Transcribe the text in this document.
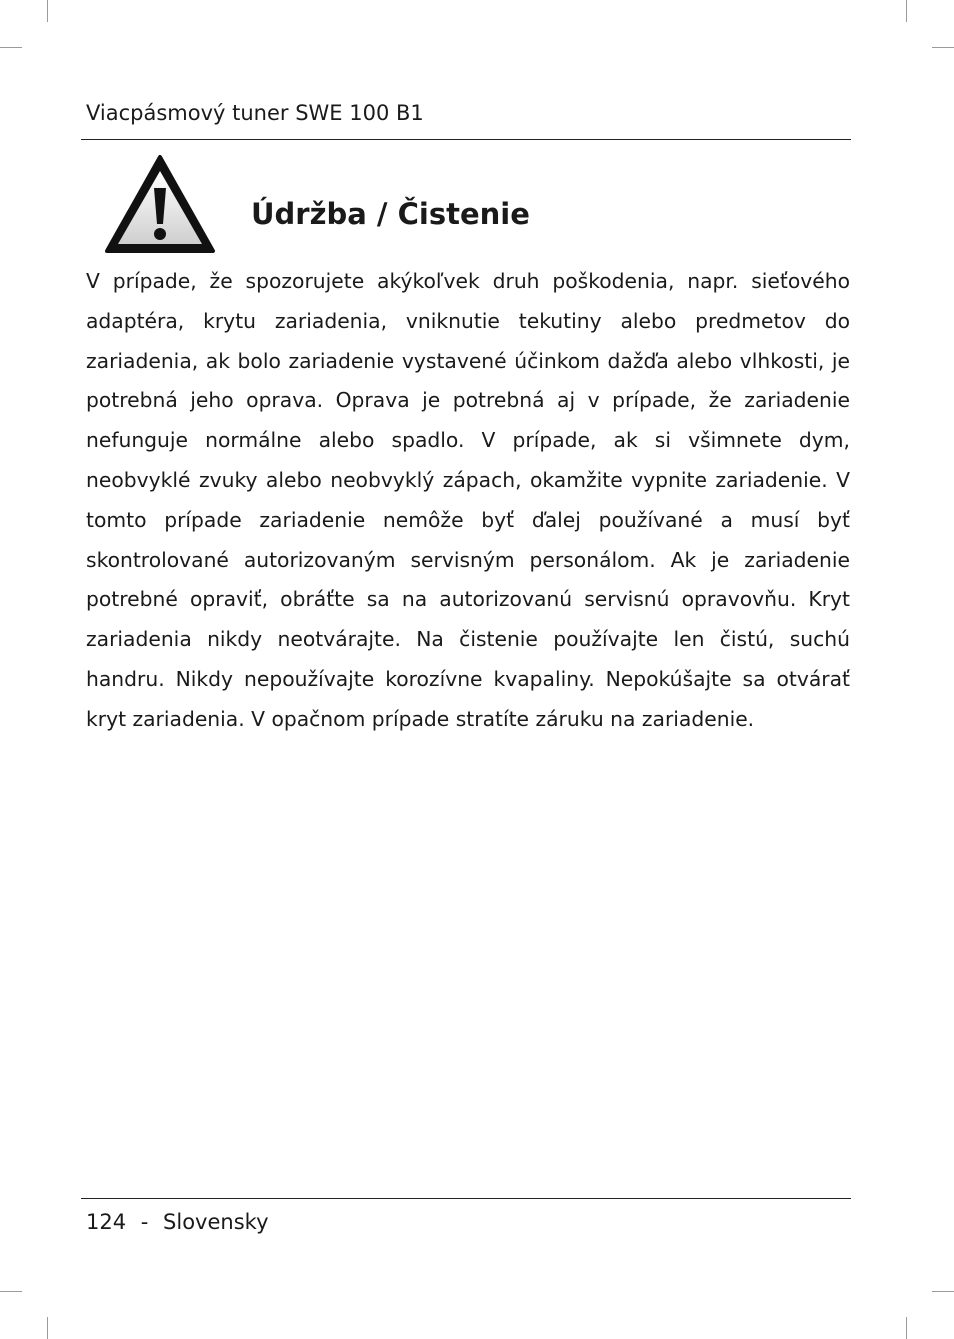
Viacpásmový tuner SWE 100 B1
Údržba / Čistenie

V prípade, že spozorujete akýkoľvek druh poškodenia, napr. sieťového adaptéra, krytu zariadenia, vniknutie tekutiny alebo predmetov do zariadenia, ak bolo zariadenie vystavené účinkom dažďa alebo vlhkosti, je potrebná jeho oprava. Oprava je potrebná aj v prípade, že zariadenie nefunguje normálne alebo spadlo. V prípade, ak si všimnete dym, neobvyklé zvuky alebo neobvyklý zápach, okamžite vypnite zariadenie. V tomto prípade zariadenie nemôže byť ďalej používané a musí byť skontrolované autorizovaným servisným personálom. Ak je zariadenie potrebné opraviť, obráťte sa na autorizovanú servisnú opravovňu. Kryt zariadenia nikdy neotvárajte. Na čistenie používajte len čistú, suchú handru. Nikdy nepoužívajte korozívne kvapaliny. Nepokúšajte sa otvárať kryt zariadenia. V opačnom prípade stratíte záruku na zariadenie.

124 - Slovensky
